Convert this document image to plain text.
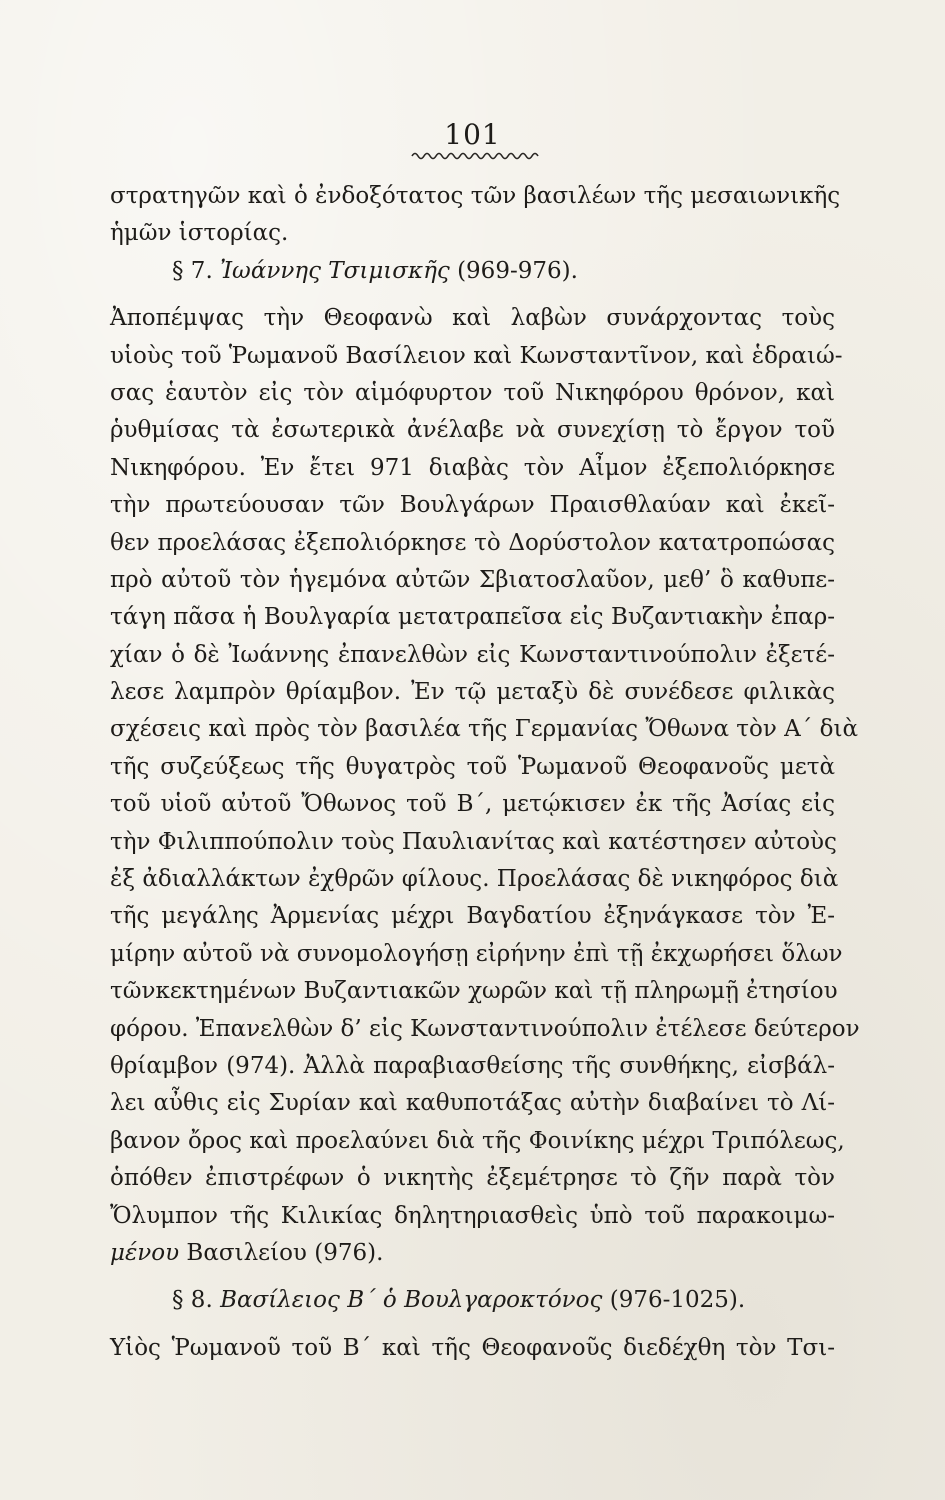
101
στρατηγῶν καὶ ὁ ἐνδοξότατος τῶν βασιλέων τῆς μεσαιωνικῆς
ἡμῶν ἱστορίας.
§ 7. Ἰωάννης Τσιμισκῆς (969-976).
Ἀποπέμψας τὴν Θεοφανὼ καὶ λαβὼν συνάρχοντας τοὺς
υἱοὺς τοῦ Ῥωμανοῦ Βασίλειον καὶ Κωνσταντῖνον, καὶ ἑδραιώ-
σας ἑαυτὸν εἰς τὸν αἱμόφυρτον τοῦ Νικηφόρου θρόνον, καὶ
ῥυθμίσας τὰ ἐσωτερικὰ ἀνέλαβε νὰ συνεχίσῃ τὸ ἔργον τοῦ
Νικηφόρου. Ἐν ἔτει 971 διαβὰς τὸν Αἶμον ἐξεπολιόρκησε
τὴν πρωτεύουσαν τῶν Βουλγάρων Πραισθλαύαν καὶ ἐκεῖ-
θεν προελάσας ἐξεπολιόρκησε τὸ Δορύστολον κατατροπώσας
πρὸ αὐτοῦ τὸν ἡγεμόνα αὐτῶν Σβιατοσλαῦον, μεθ’ ὃ καθυπε-
τάγη πᾶσα ἡ Βουλγαρία μετατραπεῖσα εἰς Βυζαντιακὴν ἐπαρ-
χίαν ὁ δὲ Ἰωάννης ἐπανελθὼν εἰς Κωνσταντινούπολιν ἐξετέ-
λεσε λαμπρὸν θρίαμβον. Ἐν τῷ μεταξὺ δὲ συνέδεσε φιλικὰς
σχέσεις καὶ πρὸς τὸν βασιλέα τῆς Γερμανίας Ὄθωνα τὸν Α΄ διὰ
τῆς συζεύξεως τῆς θυγατρὸς τοῦ Ῥωμανοῦ Θεοφανοῦς μετὰ
τοῦ υἱοῦ αὐτοῦ Ὄθωνος τοῦ Β΄, μετῴκισεν ἐκ τῆς Ἀσίας εἰς
τὴν Φιλιππούπολιν τοὺς Παυλιανίτας καὶ κατέστησεν αὐτοὺς
ἐξ ἀδιαλλάκτων ἐχθρῶν φίλους. Προελάσας δὲ νικηφόρος διὰ
τῆς μεγάλης Ἀρμενίας μέχρι Βαγδατίου ἐξηνάγκασε τὸν Ἐ-
μίρην αὐτοῦ νὰ συνομολογήσῃ εἰρήνην ἐπὶ τῇ ἐκχωρήσει ὅλων
τῶνκεκτημένων Βυζαντιακῶν χωρῶν καὶ τῇ πληρωμῇ ἐτησίου
φόρου. Ἐπανελθὼν δ’ εἰς Κωνσταντινούπολιν ἐτέλεσε δεύτερον
θρίαμβον (974). Ἀλλὰ παραβιασθείσης τῆς συνθήκης, εἰσβάλ-
λει αὖθις εἰς Συρίαν καὶ καθυποτάξας αὐτὴν διαβαίνει τὸ Λί-
βανον ὄρος καὶ προελαύνει διὰ τῆς Φοινίκης μέχρι Τριπόλεως,
ὁπόθεν ἐπιστρέφων ὁ νικητὴς ἐξεμέτρησε τὸ ζῆν παρὰ τὸν
Ὄλυμπον τῆς Κιλικίας δηλητηριασθεὶς ὑπὸ τοῦ παρακοιμω-
μένου Βασιλείου (976).
§ 8. Βασίλειος Β΄ ὁ Βουλγαροκτόνος (976-1025).
Υἱὸς Ῥωμανοῦ τοῦ Β΄ καὶ τῆς Θεοφανοῦς διεδέχθη τὸν Τσι-
